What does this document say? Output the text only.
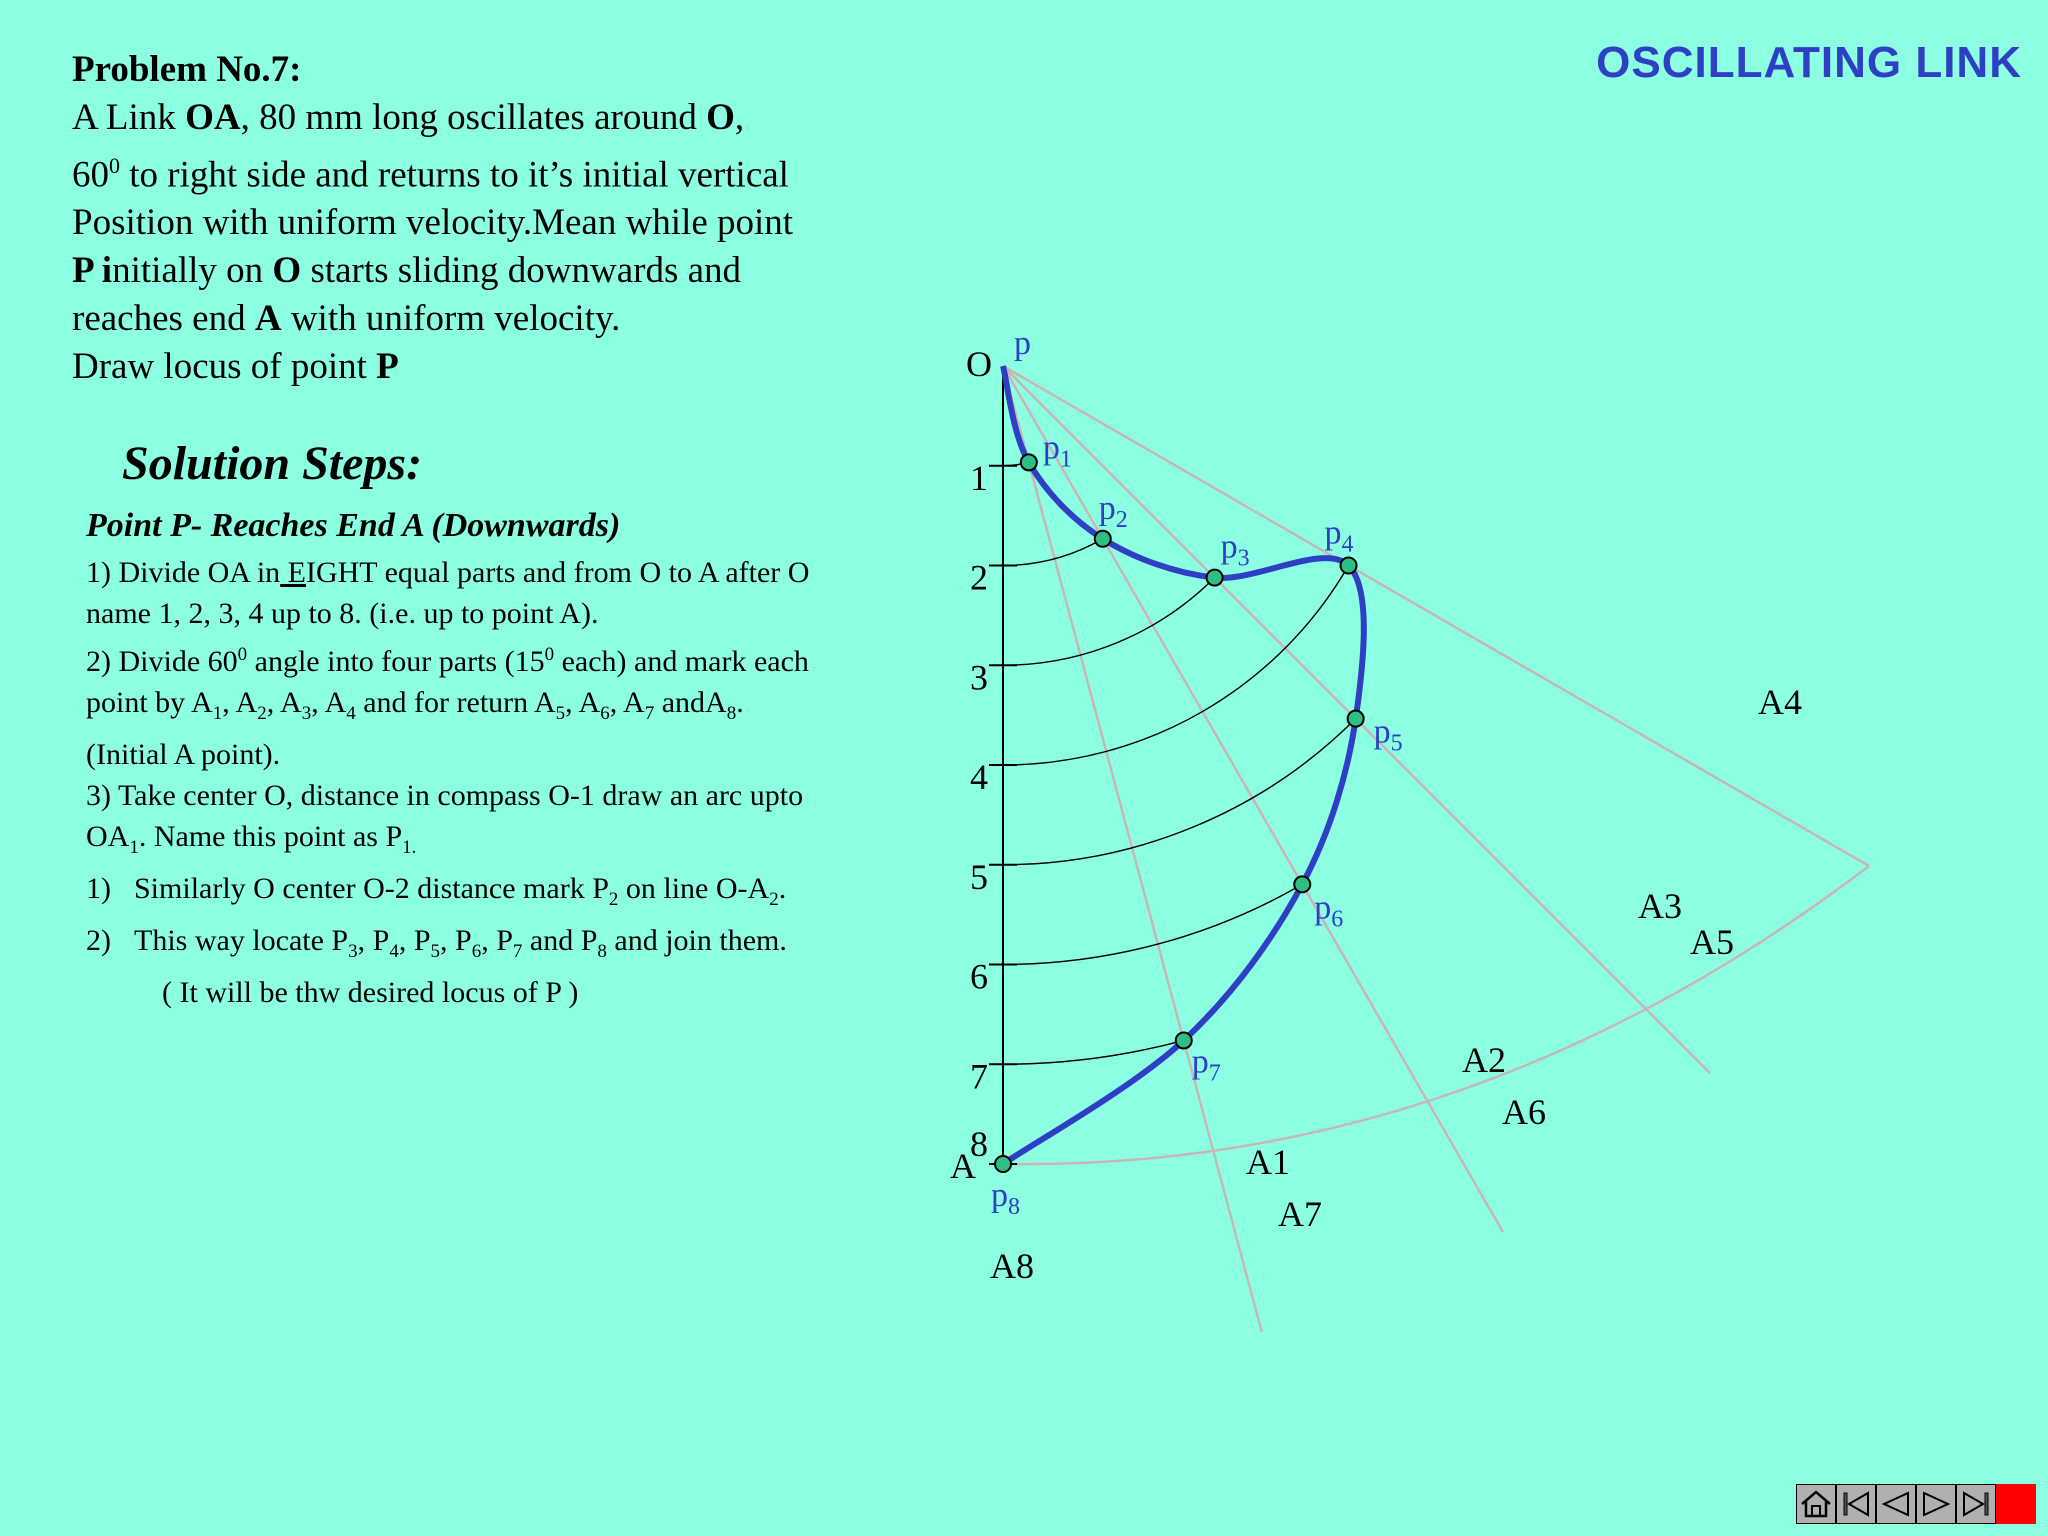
OSCILLATING LINK
Problem No.7:
A Link OA, 80 mm long oscillates around O,
$60^0$ to right side and returns to it’s initial vertical
Position with uniform velocity.Mean while point
P initially on O starts sliding downwards and
reaches end A with uniform velocity.
Draw locus of point P
Solution Steps:
Point P- Reaches End A (Downwards)
1) Divide OA in EIGHT equal parts and from O to A after O
name 1, 2, 3, 4 up to 8. (i.e. up to point A).
2) Divide $60^0$ angle into four parts ($15^0$ each) and mark each
point by $A_1$, $A_2$, $A_3$, $A_4$ and for return $A_5$, $A_6$, $A_7$ andA$_8$.
(Initial A point).
3) Take center O, distance in compass O-1 draw an arc upto
$OA_1$. Name this point as $P_{1.}$
1) Similarly O center O-2 distance mark $P_2$ on line $O-A_2$.
2) This way locate $P_3$, $P_4$, $P_5$, $P_6$, $P_7$ and $P_8$ and join them.
( It will be thw desired locus of P )
O
A
1
2
3
4
5
6
7
8	A1
A2
A3
A4
A5
A6
A7
A8
p
$p_1$
$p_2$
$p_3$
$p_4$
$p_5$
$p_6$
$p_7$
$p_8$
